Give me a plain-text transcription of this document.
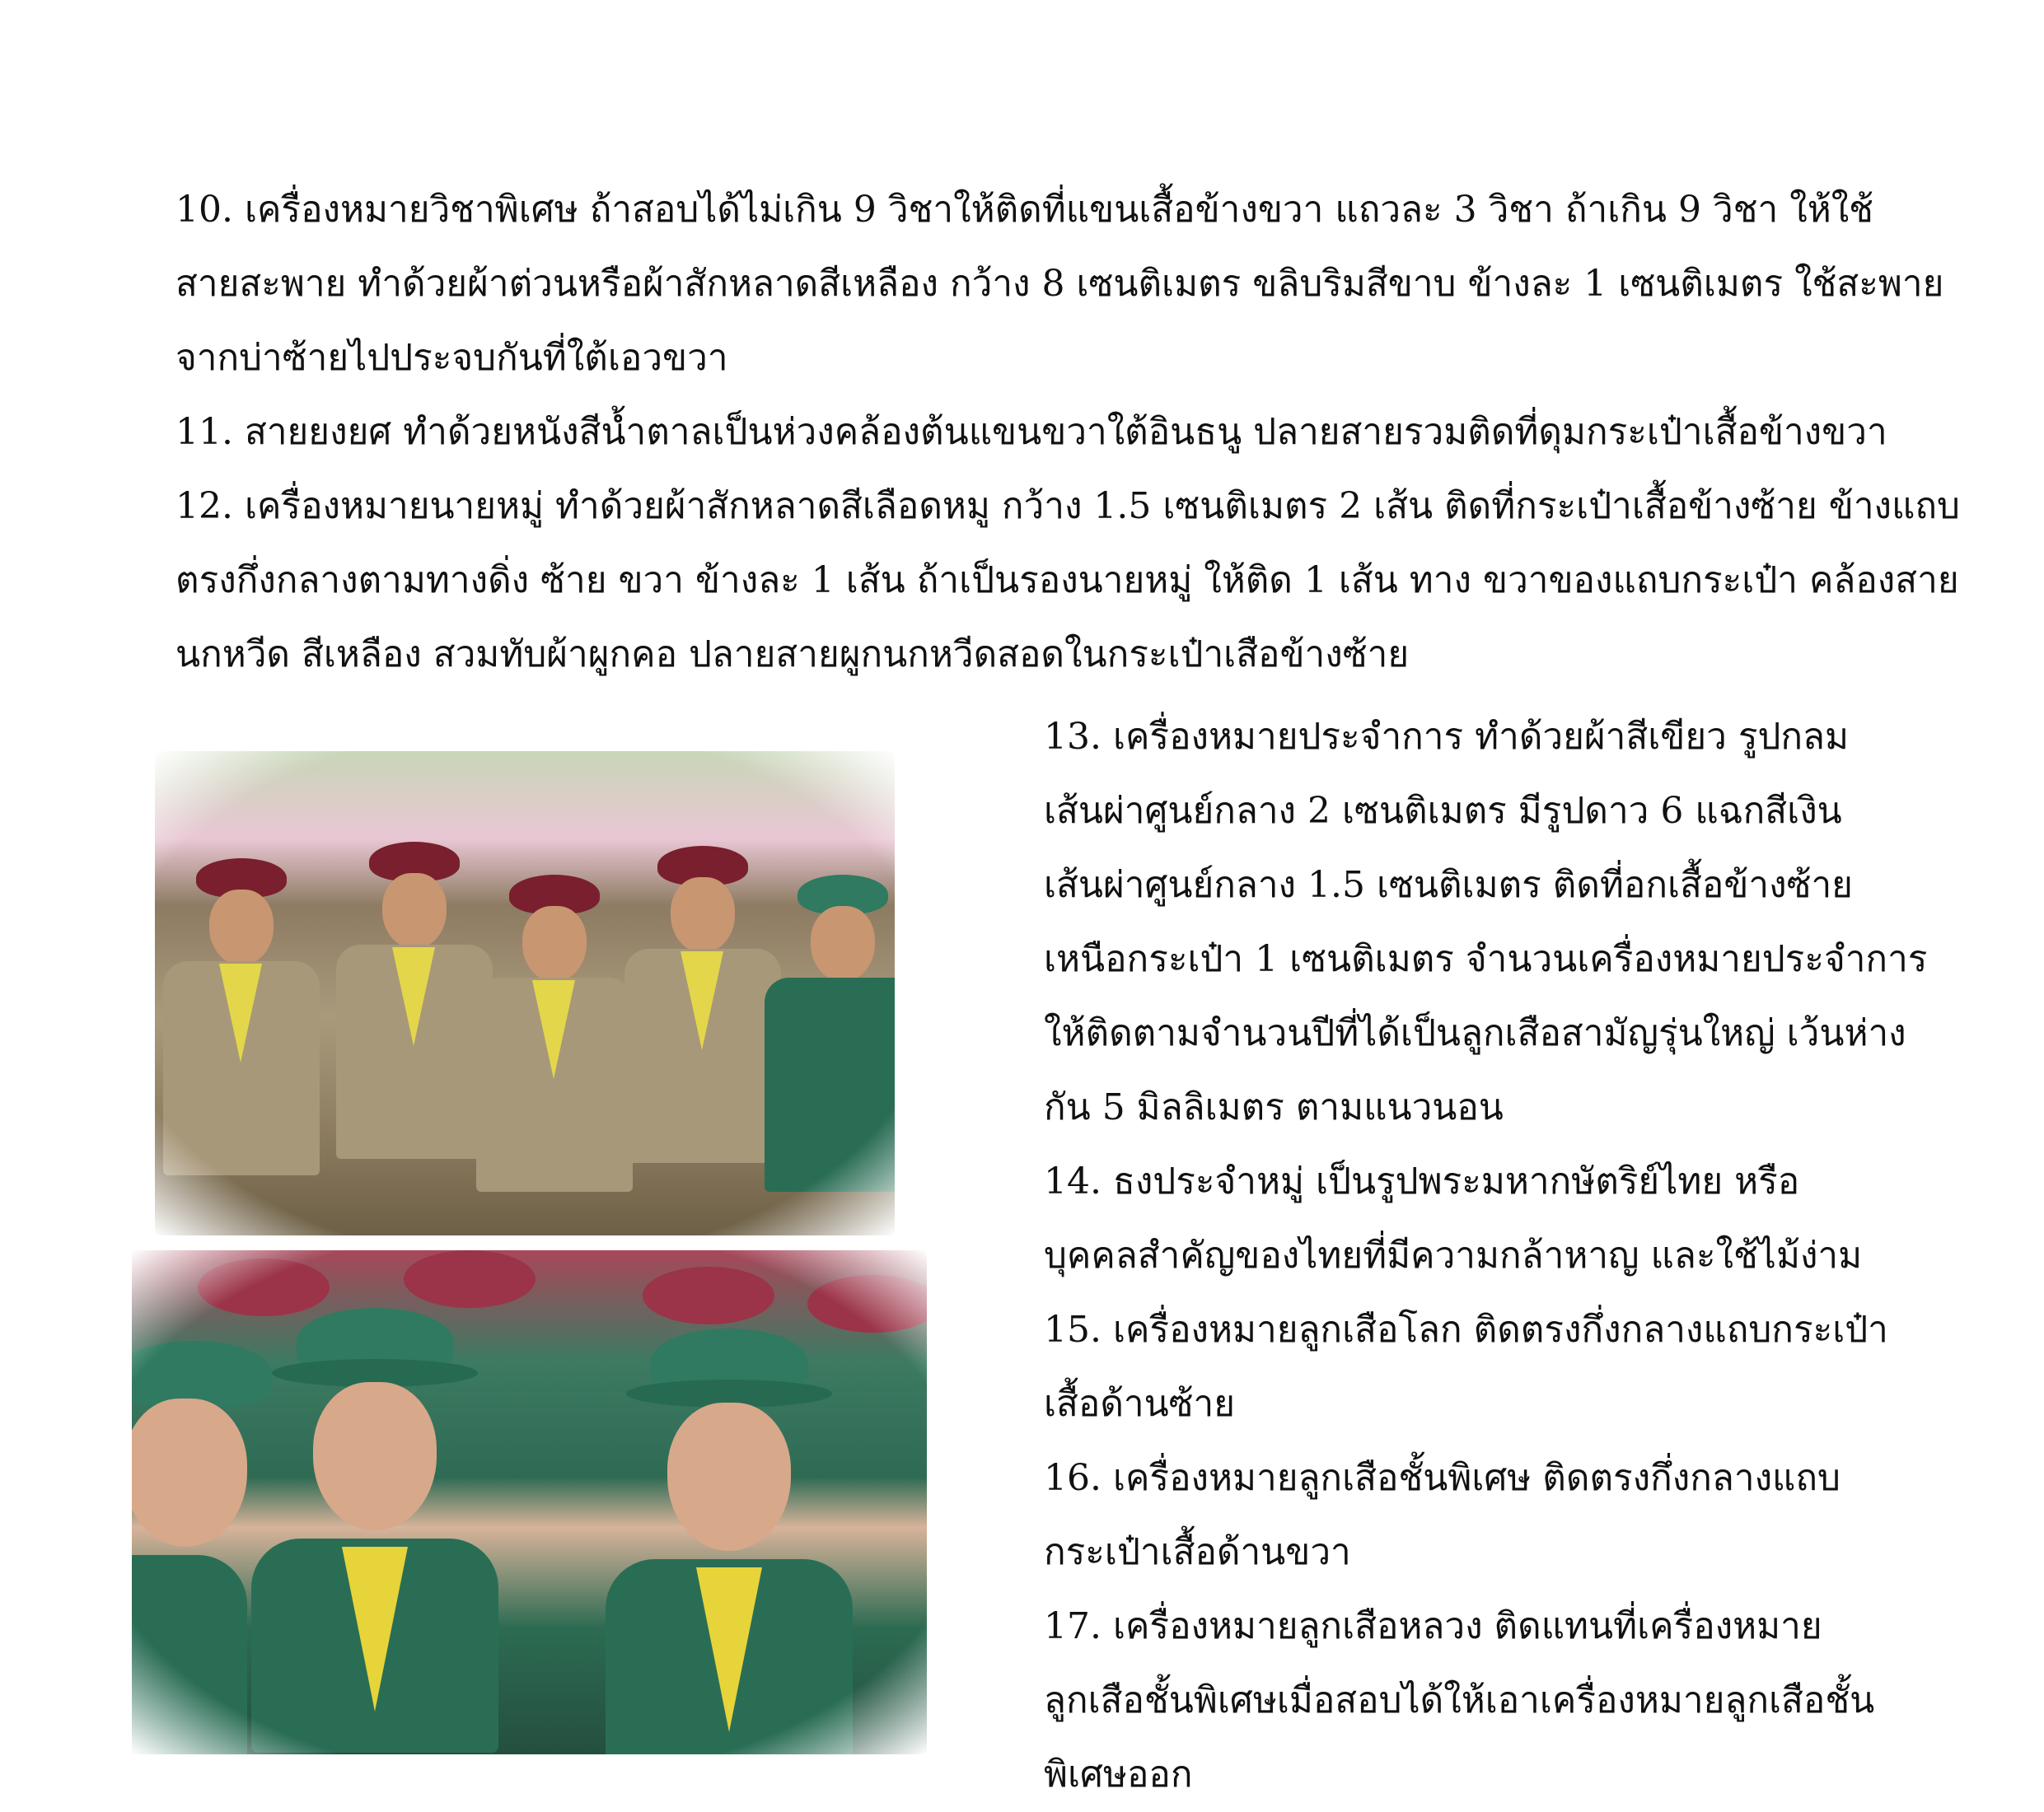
10. เครื่องหมายวิชาพิเศษ ถ้าสอบได้ไม่เกิน 9 วิชาให้ติดที่แขนเสื้อข้างขวา แถวละ 3 วิชา ถ้าเกิน 9 วิชา ให้ใช้
สายสะพาย ทำด้วยผ้าต่วนหรือผ้าสักหลาดสีเหลือง กว้าง 8 เซนติเมตร ขลิบริมสีขาบ ข้างละ 1 เซนติเมตร ใช้สะพาย
จากบ่าซ้ายไปประจบกันที่ใต้เอวขวา
11. สายยงยศ ทำด้วยหนังสีน้ำตาลเป็นห่วงคล้องต้นแขนขวาใต้อินธนู ปลายสายรวมติดที่ดุมกระเป๋าเสื้อข้างขวา
12. เครื่องหมายนายหมู่ ทำด้วยผ้าสักหลาดสีเลือดหมู กว้าง 1.5 เซนติเมตร 2 เส้น ติดที่กระเป๋าเสื้อข้างซ้าย ข้างแถบ
ตรงกึ่งกลางตามทางดิ่ง ซ้าย ขวา ข้างละ 1 เส้น ถ้าเป็นรองนายหมู่ ให้ติด 1 เส้น ทาง ขวาของแถบกระเป๋า คล้องสาย
นกหวีด สีเหลือง สวมทับผ้าผูกคอ ปลายสายผูกนกหวีดสอดในกระเป๋าเสือข้างซ้าย
13. เครื่องหมายประจำการ ทำด้วยผ้าสีเขียว รูปกลม
เส้นผ่าศูนย์กลาง 2 เซนติเมตร มีรูปดาว 6 แฉกสีเงิน
เส้นผ่าศูนย์กลาง 1.5 เซนติเมตร ติดที่อกเสื้อข้างซ้าย
เหนือกระเป๋า 1 เซนติเมตร จำนวนเครื่องหมายประจำการ
ให้ติดตามจำนวนปีที่ได้เป็นลูกเสือสามัญรุ่นใหญ่ เว้นห่าง
กัน 5 มิลลิเมตร ตามแนวนอน
14. ธงประจำหมู่ เป็นรูปพระมหากษัตริย์ไทย หรือ
บุคคลสำคัญของไทยที่มีความกล้าหาญ และใช้ไม้ง่าม
15. เครื่องหมายลูกเสือโลก ติดตรงกึ่งกลางแถบกระเป๋า
เสื้อด้านซ้าย
16. เครื่องหมายลูกเสือชั้นพิเศษ ติดตรงกึ่งกลางแถบ
กระเป๋าเสื้อด้านขวา
17. เครื่องหมายลูกเสือหลวง ติดแทนที่เครื่องหมาย
ลูกเสือชั้นพิเศษเมื่อสอบได้ให้เอาเครื่องหมายลูกเสือชั้น
พิเศษออก
